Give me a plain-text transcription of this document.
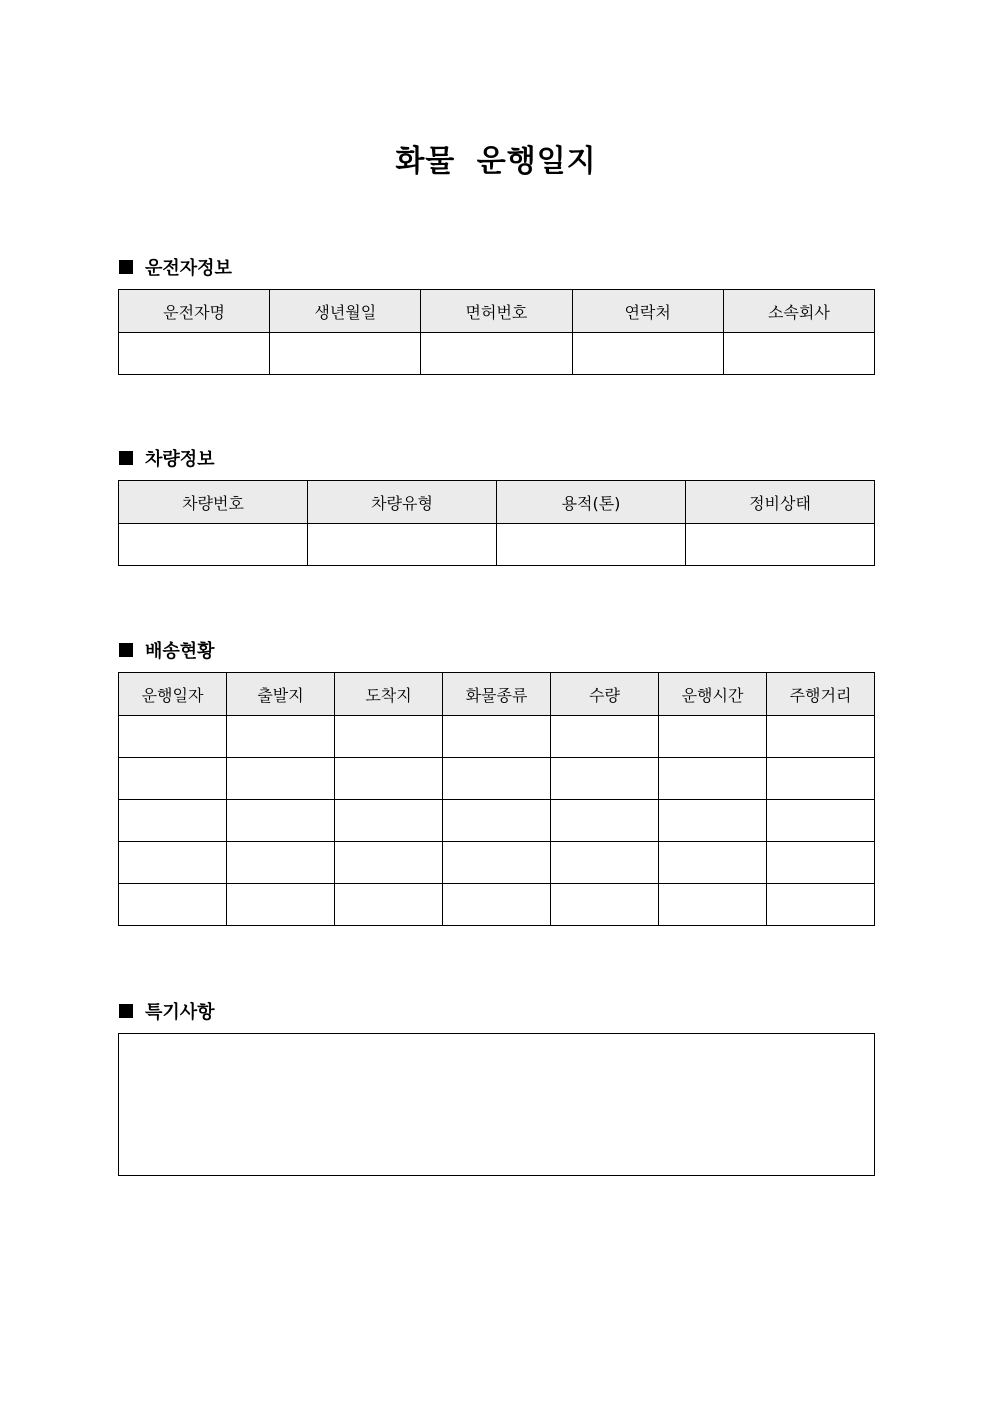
화물 운행일지
운전자정보
운전자명	생년월일	면허번호	연락처	소속회사

차량정보
차량번호	차량유형	용적(톤)	정비상태

배송현황
운행일자	출발지	도착지	화물종류	수량	운행시간	주행거리

특기사항
